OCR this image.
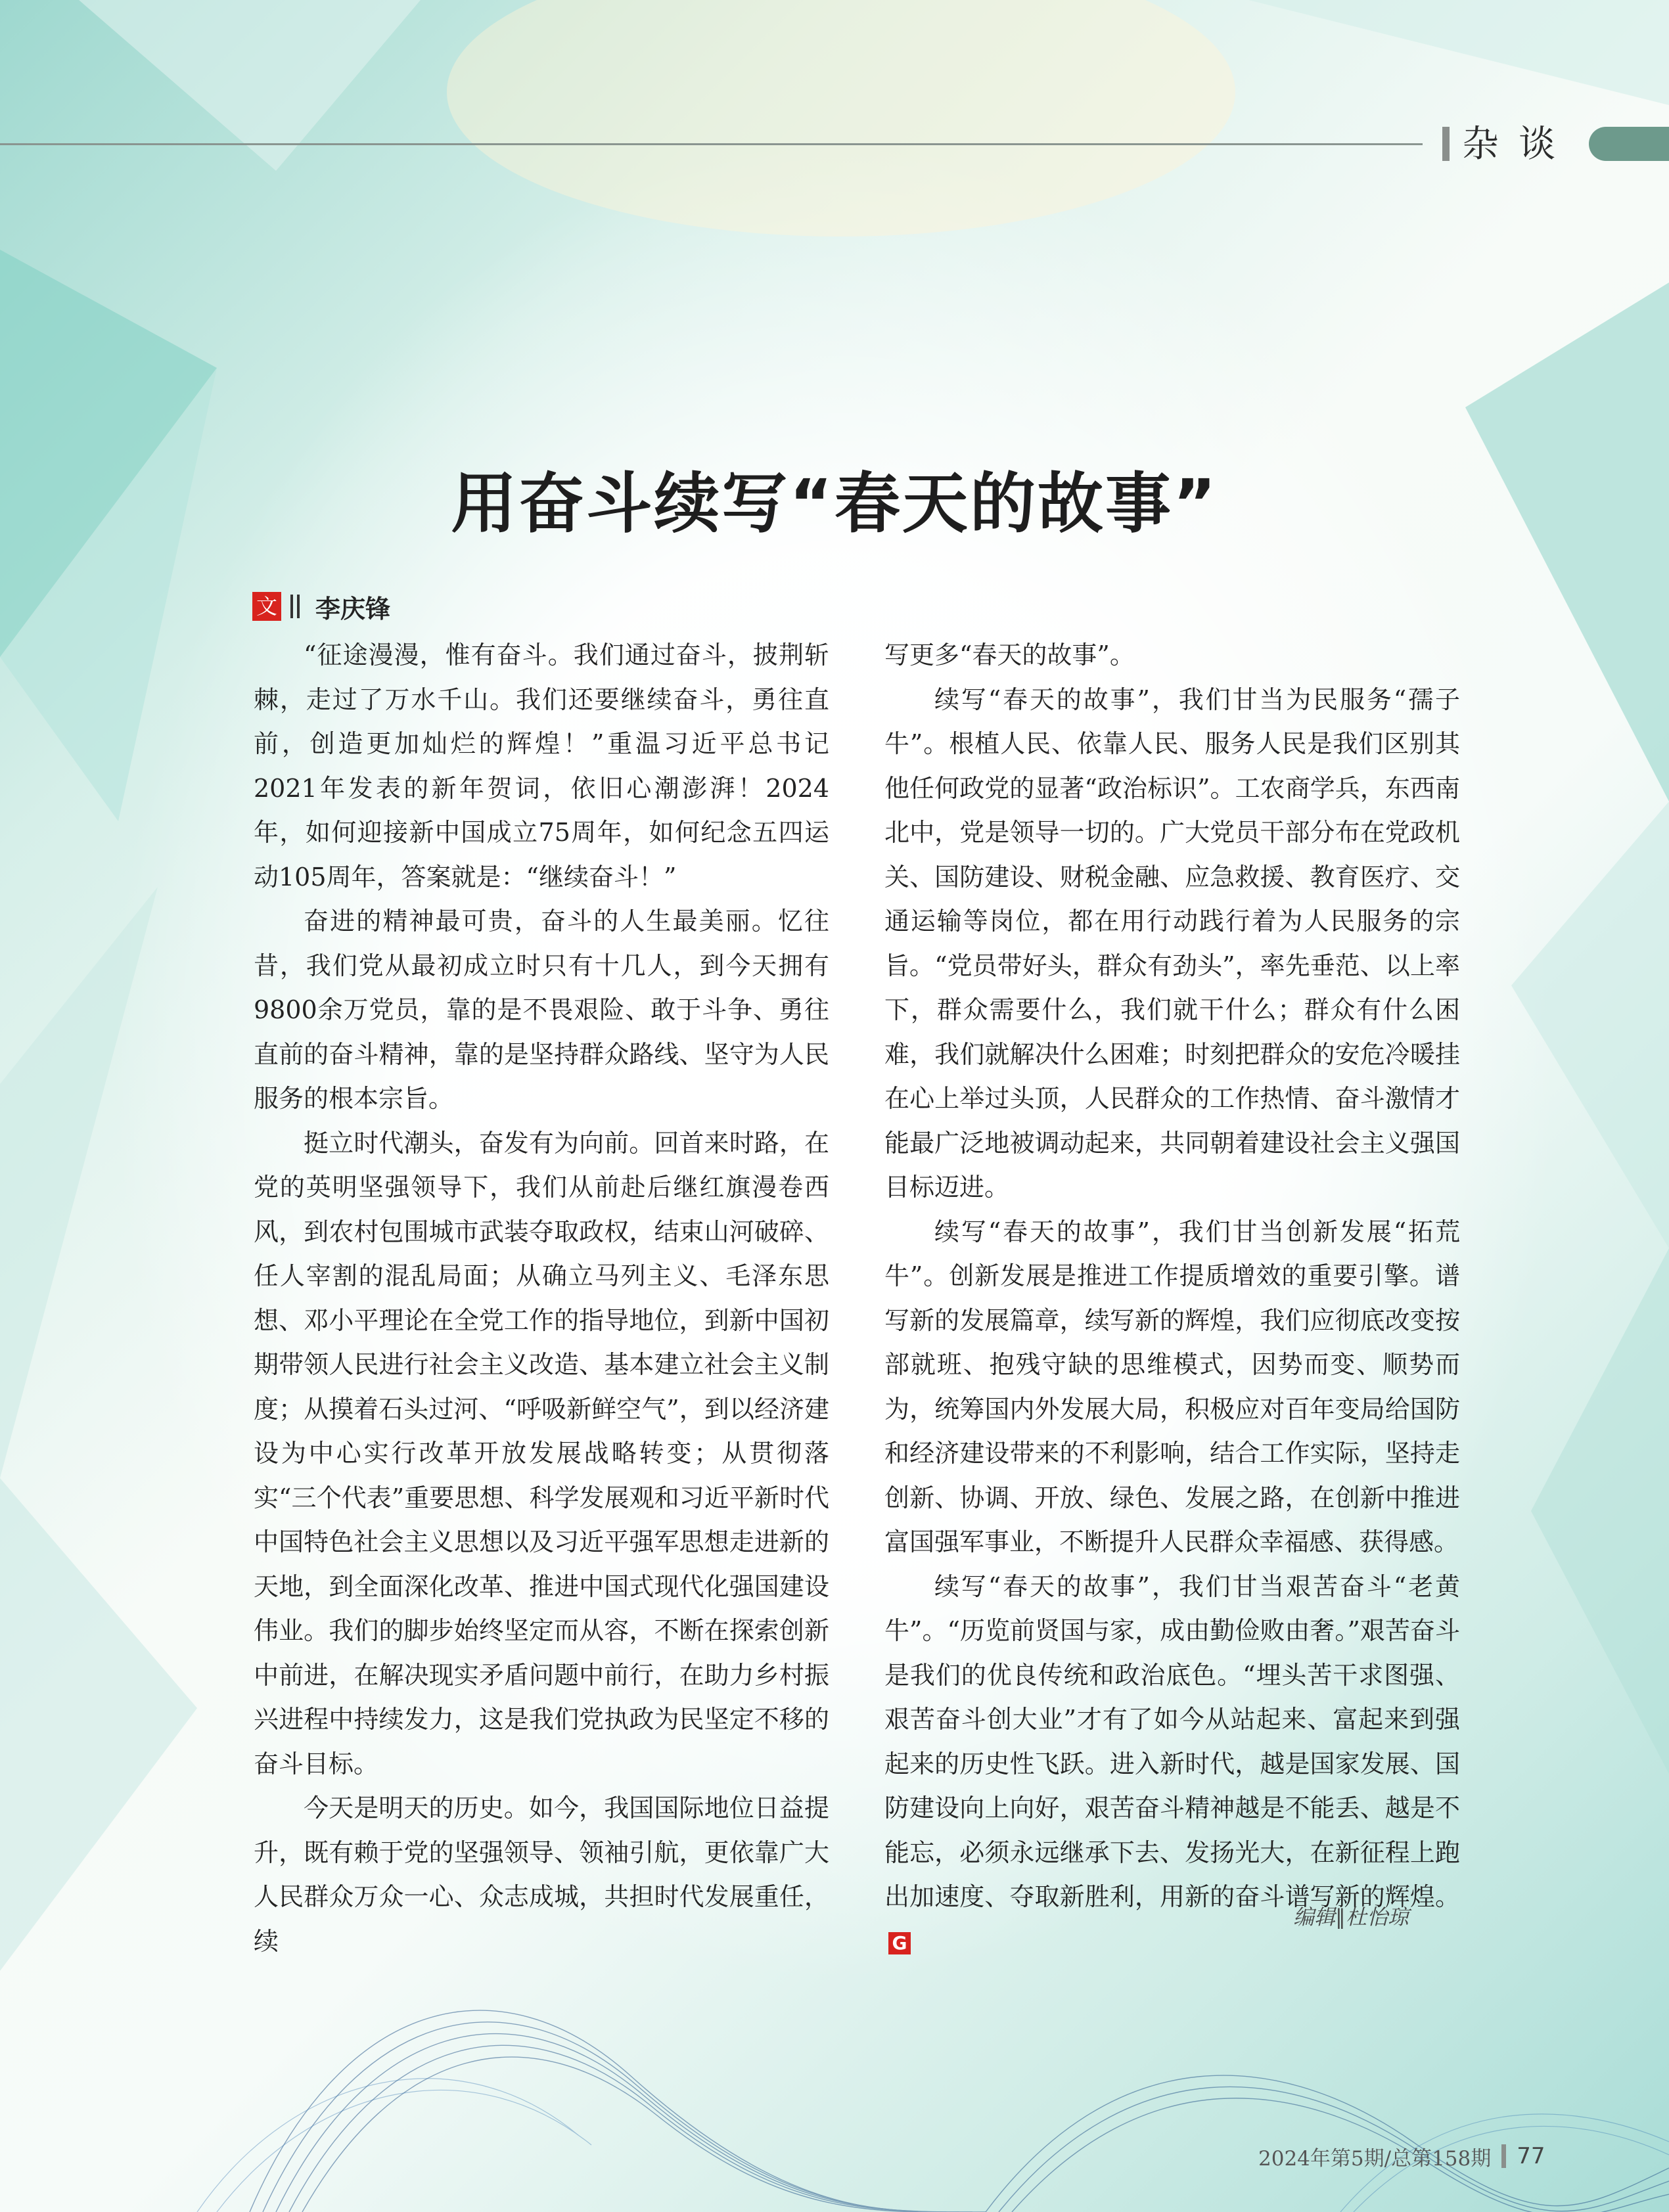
杂谈
用奋斗续写“春天的故事”
文 李庆锋

“征途漫漫，惟有奋斗。我们通过奋斗，披荆斩棘，走过了万水千山。我们还要继续奋斗，勇往直前，创造更加灿烂的辉煌！”重温习近平总书记2021年发表的新年贺词，依旧心潮澎湃！2024年，如何迎接新中国成立75周年，如何纪念五四运动105周年，答案就是：“继续奋斗！”

奋进的精神最可贵，奋斗的人生最美丽。忆往昔，我们党从最初成立时只有十几人，到今天拥有9800余万党员，靠的是不畏艰险、敢于斗争、勇往直前的奋斗精神，靠的是坚持群众路线、坚守为人民服务的根本宗旨。

挺立时代潮头，奋发有为向前。回首来时路，在党的英明坚强领导下，我们从前赴后继红旗漫卷西风，到农村包围城市武装夺取政权，结束山河破碎、任人宰割的混乱局面；从确立马列主义、毛泽东思想、邓小平理论在全党工作的指导地位，到新中国初期带领人民进行社会主义改造、基本建立社会主义制度；从摸着石头过河、“呼吸新鲜空气”，到以经济建设为中心实行改革开放发展战略转变；从贯彻落实“三个代表”重要思想、科学发展观和习近平新时代中国特色社会主义思想以及习近平强军思想走进新的天地，到全面深化改革、推进中国式现代化强国建设伟业。我们的脚步始终坚定而从容，不断在探索创新中前进，在解决现实矛盾问题中前行，在助力乡村振兴进程中持续发力，这是我们党执政为民坚定不移的奋斗目标。

今天是明天的历史。如今，我国国际地位日益提升，既有赖于党的坚强领导、领袖引航，更依靠广大人民群众万众一心、众志成城，共担时代发展重任，续

写更多“春天的故事”。

续写“春天的故事”，我们甘当为民服务“孺子牛”。根植人民、依靠人民、服务人民是我们区别其他任何政党的显著“政治标识”。工农商学兵，东西南北中，党是领导一切的。广大党员干部分布在党政机关、国防建设、财税金融、应急救援、教育医疗、交通运输等岗位，都在用行动践行着为人民服务的宗旨。“党员带好头，群众有劲头”，率先垂范、以上率下，群众需要什么，我们就干什么；群众有什么困难，我们就解决什么困难；时刻把群众的安危冷暖挂在心上举过头顶，人民群众的工作热情、奋斗激情才能最广泛地被调动起来，共同朝着建设社会主义强国目标迈进。

续写“春天的故事”，我们甘当创新发展“拓荒牛”。创新发展是推进工作提质增效的重要引擎。谱写新的发展篇章，续写新的辉煌，我们应彻底改变按部就班、抱残守缺的思维模式，因势而变、顺势而为，统筹国内外发展大局，积极应对百年变局给国防和经济建设带来的不利影响，结合工作实际，坚持走创新、协调、开放、绿色、发展之路，在创新中推进富国强军事业，不断提升人民群众幸福感、获得感。

续写“春天的故事”，我们甘当艰苦奋斗“老黄牛”。“历览前贤国与家，成由勤俭败由奢。”艰苦奋斗是我们的优良传统和政治底色。“埋头苦干求图强、艰苦奋斗创大业”才有了如今从站起来、富起来到强起来的历史性飞跃。进入新时代，越是国家发展、国防建设向上向好，艰苦奋斗精神越是不能丢、越是不能忘，必须永远继承下去、发扬光大，在新征程上跑出加速度、夺取新胜利，用新的奋斗谱写新的辉煌。G

编辑∥杜怡琼
2024年第5期/总第158期 77
